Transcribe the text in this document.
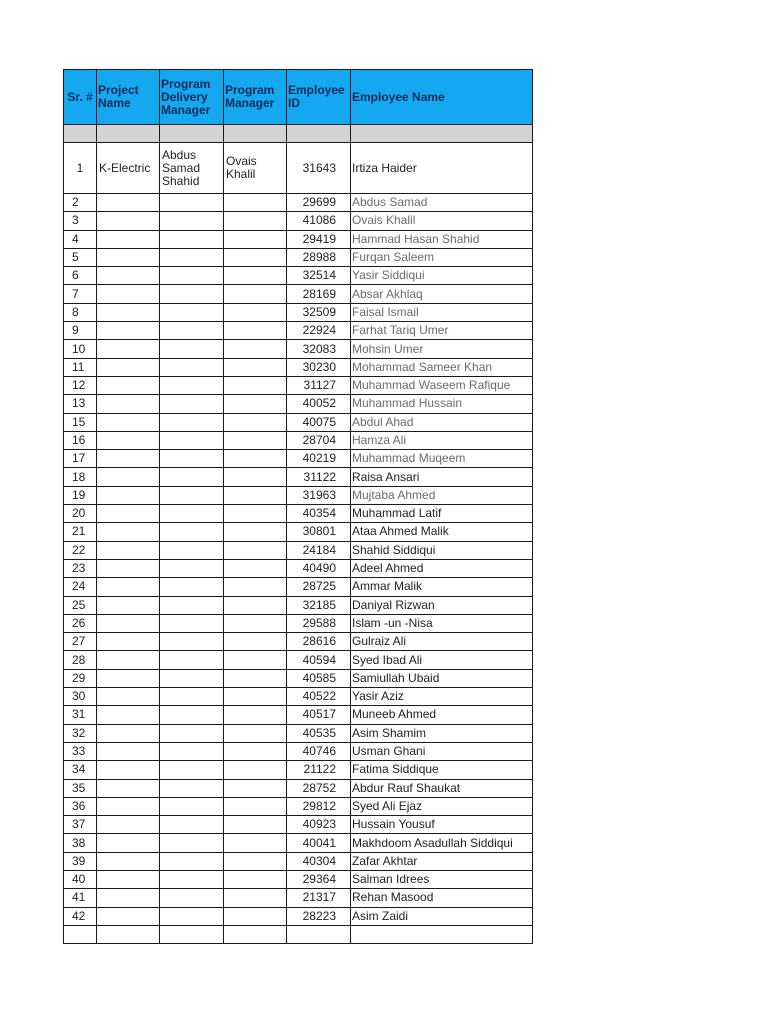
Sr. #	Project Name	Program Delivery Manager	Program Manager	Employee ID	Employee Name

1	K-Electric	Abdus Samad Shahid	Ovais Khalil	31643	Irtiza Haider
2				29699	Abdus Samad
3				41086	Ovais Khalil
4				29419	Hammad Hasan Shahid
5				28988	Furqan Saleem
6				32514	Yasir Siddiqui
7				28169	Absar Akhlaq
8				32509	Faisal Ismail
9				22924	Farhat Tariq Umer
10				32083	Mohsin Umer
11				30230	Mohammad Sameer Khan
12				31127	Muhammad Waseem Rafique
13				40052	Muhammad Hussain
15				40075	Abdul Ahad
16				28704	Hamza Ali
17				40219	Muhammad Muqeem
18				31122	Raisa Ansari
19				31963	Mujtaba Ahmed
20				40354	Muhammad Latif
21				30801	Ataa Ahmed Malik
22				24184	Shahid Siddiqui
23				40490	Adeel Ahmed
24				28725	Ammar Malik
25				32185	Daniyal Rizwan
26				29588	Islam -un -Nisa
27				28616	Gulraiz Ali
28				40594	Syed Ibad Ali
29				40585	Samiullah Ubaid
30				40522	Yasir Aziz
31				40517	Muneeb Ahmed
32				40535	Asim Shamim
33				40746	Usman Ghani
34				21122	Fatima Siddique
35				28752	Abdur Rauf Shaukat
36				29812	Syed Ali Ejaz
37				40923	Hussain Yousuf
38				40041	Makhdoom Asadullah Siddiqui
39				40304	Zafar Akhtar
40				29364	Salman Idrees
41				21317	Rehan Masood
42				28223	Asim Zaidi
